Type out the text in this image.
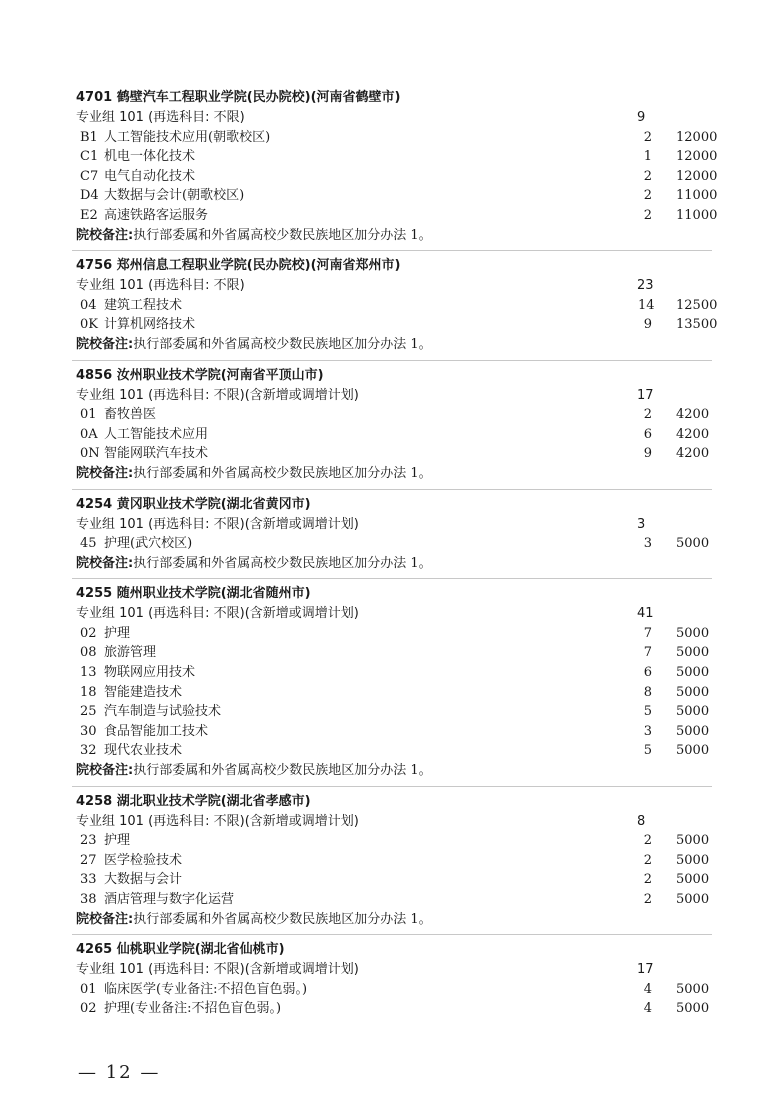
4701 鹤壁汽车工程职业学院(民办院校)(河南省鹤壁市)
专业组 101 (再选科目: 不限)	9
B1 人工智能技术应用(朝歌校区)	2 12000
C1 机电一体化技术	1 12000
C7 电气自动化技术	2 12000
D4 大数据与会计(朝歌校区)	2 11000
E2 高速铁路客运服务	2 11000
院校备注:执行部委属和外省属高校少数民族地区加分办法 1。
4756 郑州信息工程职业学院(民办院校)(河南省郑州市)
专业组 101 (再选科目: 不限)	23
04 建筑工程技术	14 12500
0K 计算机网络技术	9 13500
院校备注:执行部委属和外省属高校少数民族地区加分办法 1。
4856 汝州职业技术学院(河南省平顶山市)
专业组 101 (再选科目: 不限)(含新增或调增计划)	17
01 畜牧兽医	2 4200
0A 人工智能技术应用	6 4200
0N 智能网联汽车技术	9 4200
院校备注:执行部委属和外省属高校少数民族地区加分办法 1。
4254 黄冈职业技术学院(湖北省黄冈市)
专业组 101 (再选科目: 不限)(含新增或调增计划)	3
45 护理(武穴校区)	3 5000
院校备注:执行部委属和外省属高校少数民族地区加分办法 1。
4255 随州职业技术学院(湖北省随州市)
专业组 101 (再选科目: 不限)(含新增或调增计划)	41
02 护理	7 5000
08 旅游管理	7 5000
13 物联网应用技术	6 5000
18 智能建造技术	8 5000
25 汽车制造与试验技术	5 5000
30 食品智能加工技术	3 5000
32 现代农业技术	5 5000
院校备注:执行部委属和外省属高校少数民族地区加分办法 1。
4258 湖北职业技术学院(湖北省孝感市)
专业组 101 (再选科目: 不限)(含新增或调增计划)	8
23 护理	2 5000
27 医学检验技术	2 5000
33 大数据与会计	2 5000
38 酒店管理与数字化运营	2 5000
院校备注:执行部委属和外省属高校少数民族地区加分办法 1。
4265 仙桃职业学院(湖北省仙桃市)
专业组 101 (再选科目: 不限)(含新增或调增计划)	17
01 临床医学(专业备注:不招色盲色弱。)	4 5000
02 护理(专业备注:不招色盲色弱。)	4 5000
— 12 —
